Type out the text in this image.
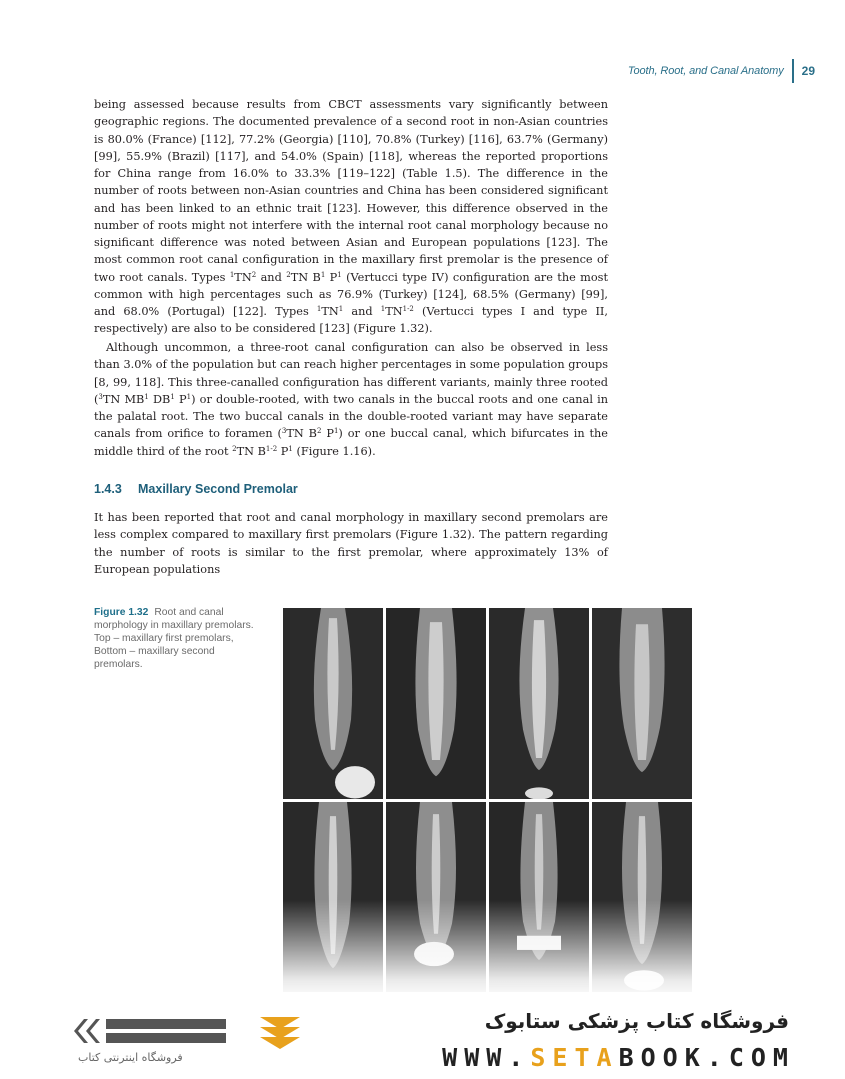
Tooth, Root, and Canal Anatomy 29

being assessed because results from CBCT assessments vary significantly between geographic regions. The documented prevalence of a second root in non-Asian countries is 80.0% (France) [112], 77.2% (Georgia) [110], 70.8% (Turkey) [116], 63.7% (Germany) [99], 55.9% (Brazil) [117], and 54.0% (Spain) [118], whereas the reported proportions for China range from 16.0% to 33.3% [119–122] (Table 1.5). The difference in the number of roots between non-Asian countries and China has been considered significant and has been linked to an ethnic trait [123]. However, this difference observed in the number of roots might not interfere with the internal root canal morphology because no significant difference was noted between Asian and European populations [123]. The most common root canal configuration in the maxillary first premolar is the presence of two root canals. Types $^1TN^2$ and $^2$TN $B^1$ $P^1$ (Vertucci type IV) configuration are the most common with high percentages such as 76.9% (Turkey) [124], 68.5% (Germany) [99], and 68.0% (Portugal) [122]. Types $^1TN^1$ and $^1$TN$^{1-2}$ (Vertucci types I and type II, respectively) are also to be considered [123] (Figure 1.32).

Although uncommon, a three-root canal configuration can also be observed in less than 3.0% of the population but can reach higher percentages in some population groups [8, 99, 118]. This three-canalled configuration has different variants, mainly three rooted ($^3$TN $MB^1$ $DB^1$ $P^1$) or double-rooted, with two canals in the buccal roots and one canal in the palatal root. The two buccal canals in the double-rooted variant may have separate canals from orifice to foramen ($^3$TN $B^2$ $P^1$) or one buccal canal, which bifurcates in the middle third of the root $^2$TN $B^{1-2}$ $P^1$ (Figure 1.16).

1.4.3 Maxillary Second Premolar

It has been reported that root and canal morphology in maxillary second premolars are less complex compared to maxillary first premolars (Figure 1.32). The pattern regarding the number of roots is similar to the first premolar, where approximately 13% of European populations

Figure 1.32 Root and canal morphology in maxillary premolars. Top – maxillary first premolars, Bottom – maxillary second premolars.
فروشگاه اینترنتی کتاب
فروشگاه کتاب پزشکی ستابوک
WWW.SETABOOK.COM
